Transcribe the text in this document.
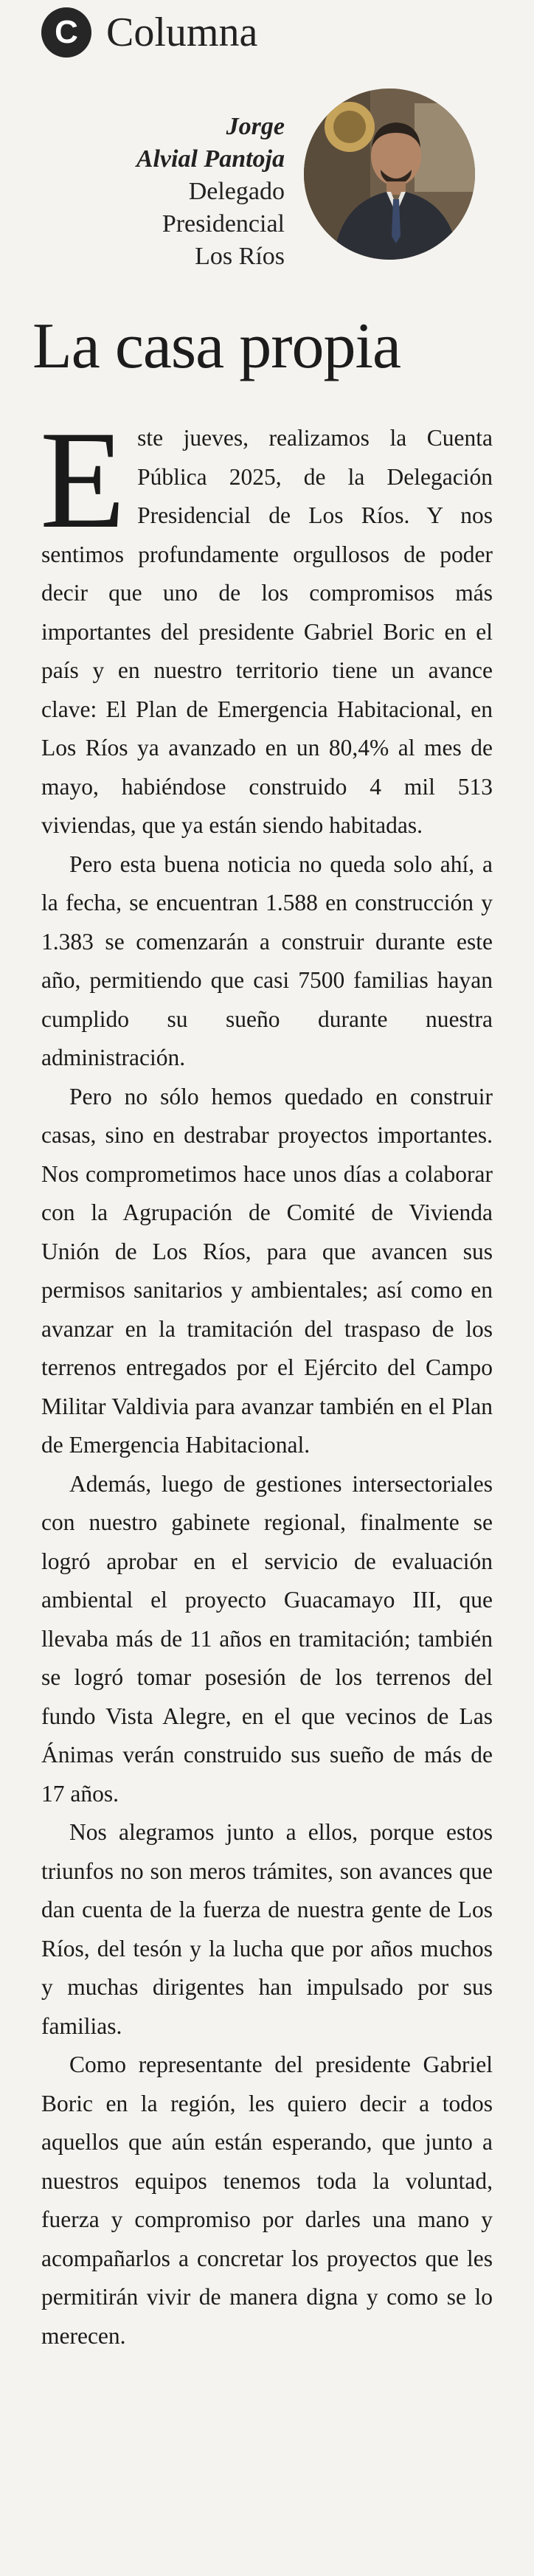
C Columna
Jorge
Alvial Pantoja
Delegado
Presidencial
Los Ríos
La casa propia

Este jueves, realizamos la Cuenta Pública 2025, de la Delegación Presidencial de Los Ríos. Y nos sentimos profundamente orgullosos de poder decir que uno de los compromisos más importantes del presidente Gabriel Boric en el país y en nuestro territorio tiene un avance clave: El Plan de Emergencia Habitacional, en Los Ríos ya avanzado en un 80,4% al mes de mayo, habiéndose construido 4 mil 513 viviendas, que ya están siendo habitadas.

Pero esta buena noticia no queda solo ahí, a la fecha, se encuentran 1.588 en construcción y 1.383 se comenzarán a construir durante este año, permitiendo que casi 7500 familias hayan cumplido su sueño durante nuestra administración.

Pero no sólo hemos quedado en construir casas, sino en destrabar proyectos importantes. Nos comprometimos hace unos días a colaborar con la Agrupación de Comité de Vivienda Unión de Los Ríos, para que avancen sus permisos sanitarios y ambientales; así como en avanzar en la tramitación del traspaso de los terrenos entregados por el Ejército del Campo Militar Valdivia para avanzar también en el Plan de Emergencia Habitacional.

Además, luego de gestiones intersectoriales con nuestro gabinete regional, finalmente se logró aprobar en el servicio de evaluación ambiental el proyecto Guacamayo III, que llevaba más de 11 años en tramitación; también se logró tomar posesión de los terrenos del fundo Vista Alegre, en el que vecinos de Las Ánimas verán construido sus sueño de más de 17 años.

Nos alegramos junto a ellos, porque estos triunfos no son meros trámites, son avances que dan cuenta de la fuerza de nuestra gente de Los Ríos, del tesón y la lucha que por años muchos y muchas dirigentes han impulsado por sus familias.

Como representante del presidente Gabriel Boric en la región, les quiero decir a todos aquellos que aún están esperando, que junto a nuestros equipos tenemos toda la voluntad, fuerza y compromiso por darles una mano y acompañarlos a concretar los proyectos que les permitirán vivir de manera digna y como se lo merecen.
